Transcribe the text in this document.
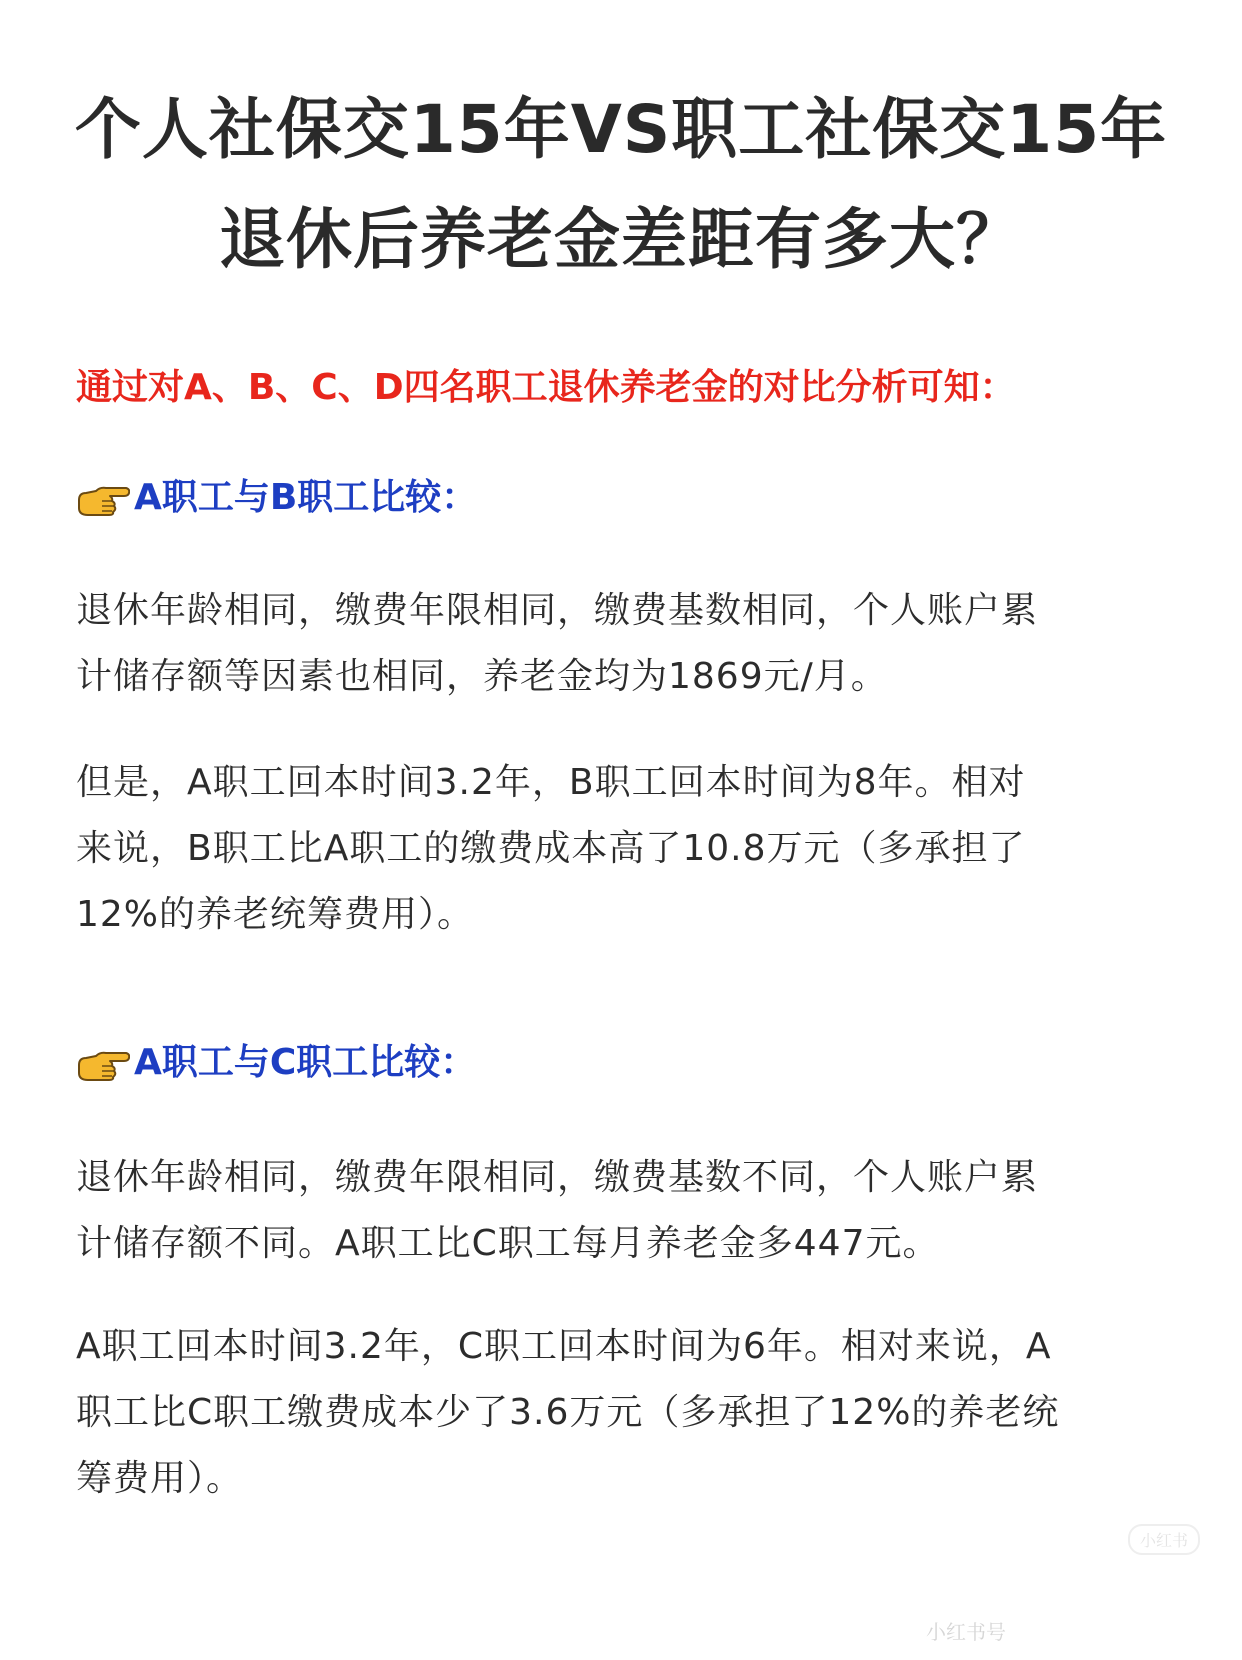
个人社保交15年VS职工社保交15年
退休后养老金差距有多大？
通过对A、B、C、D四名职工退休养老金的对比分析可知：
A职工与B职工比较：
退休年龄相同，缴费年限相同，缴费基数相同，个人账户累
计储存额等因素也相同，养老金均为1869元/月。
但是，A职工回本时间3.2年，B职工回本时间为8年。相对
来说，B职工比A职工的缴费成本高了10.8万元（多承担了
12%的养老统筹费用）。
A职工与C职工比较：
退休年龄相同，缴费年限相同，缴费基数不同，个人账户累
计储存额不同。A职工比C职工每月养老金多447元。
A职工回本时间3.2年，C职工回本时间为6年。相对来说，A
职工比C职工缴费成本少了3.6万元（多承担了12%的养老统
筹费用）。
小红书
小红书号
